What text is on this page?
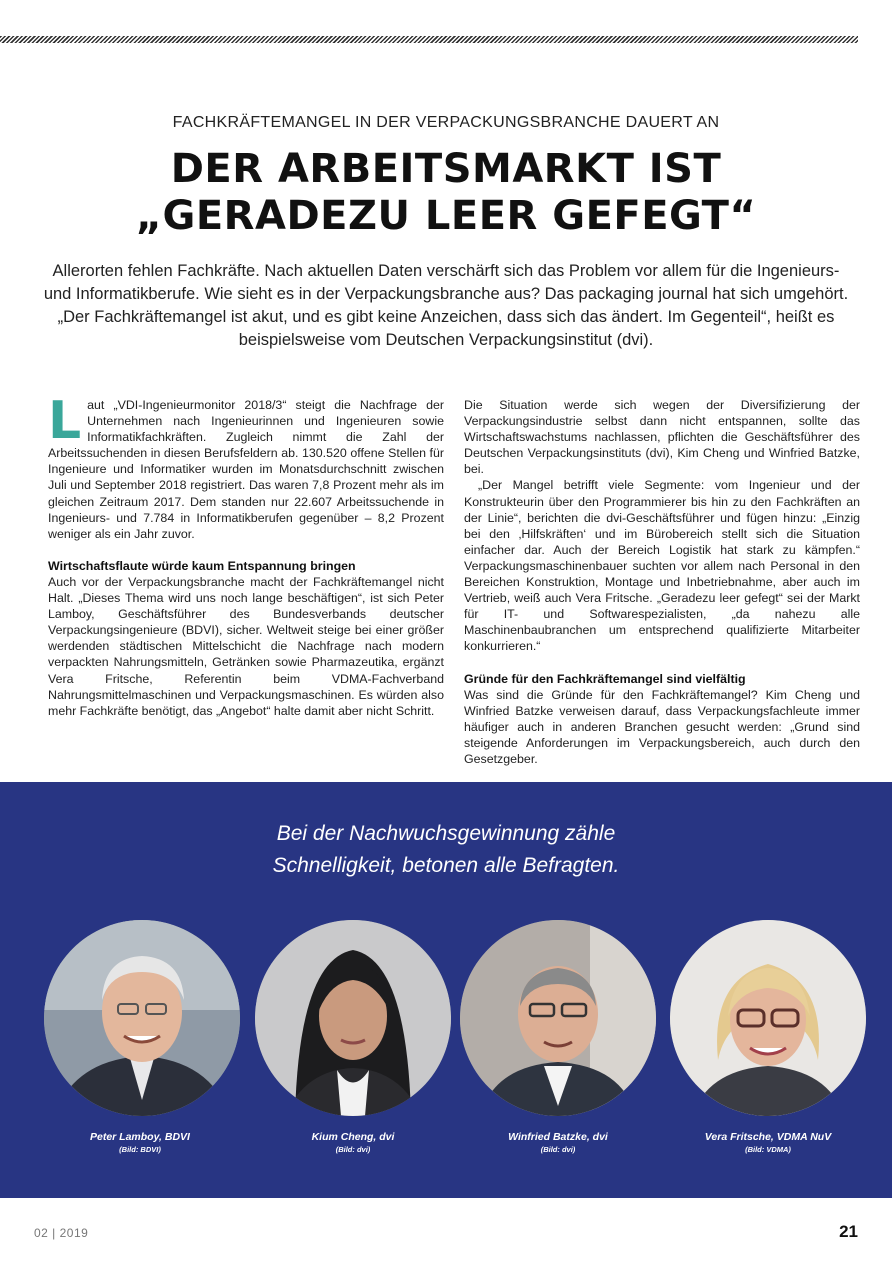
FACHKRÄFTEMANGEL IN DER VERPACKUNGSBRANCHE DAUERT AN
DER ARBEITSMARKT IST
„GERADEZU LEER GEFEGT“

Allerorten fehlen Fachkräfte. Nach aktuellen Daten verschärft sich das Problem vor allem für die Ingenieurs- und Informatikberufe. Wie sieht es in der Verpackungsbranche aus? Das packaging journal hat sich umgehört. „Der Fachkräftemangel ist akut, und es gibt keine Anzeichen, dass sich das ändert. Im Gegenteil“, heißt es beispielsweise vom Deutschen Verpackungsinstitut (dvi).

Laut „VDI-Ingenieurmonitor 2018/3“ steigt die Nachfrage der Unternehmen nach Ingenieurinnen und Ingenieuren sowie Informatikfachkräften. Zugleich nimmt die Zahl der Arbeitssuchenden in diesen Berufsfeldern ab. 130.520 offene Stellen für Ingenieure und Informatiker wurden im Monatsdurchschnitt zwischen Juli und September 2018 registriert. Das waren 7,8 Prozent mehr als im gleichen Zeitraum 2017. Dem standen nur 22.607 Arbeitssuchende in Ingenieurs- und 7.784 in Informatikberufen gegenüber – 8,2 Prozent weniger als ein Jahr zuvor.

Wirtschaftsflaute würde kaum Entspannung bringen

Auch vor der Verpackungsbranche macht der Fachkräftemangel nicht Halt. „Dieses Thema wird uns noch lange beschäftigen“, ist sich Peter Lamboy, Geschäftsführer des Bundesverbands deutscher Verpackungsingenieure (BDVI), sicher. Weltweit steige bei einer größer werdenden städtischen Mittelschicht die Nachfrage nach modern verpackten Nahrungsmitteln, Getränken sowie Pharmazeutika, ergänzt Vera Fritsche, Referentin beim VDMA-Fachverband Nahrungsmittelmaschinen und Verpackungsmaschinen. Es würden also mehr Fachkräfte benötigt, das „Angebot“ halte damit aber nicht Schritt.

Die Situation werde sich wegen der Diversifizierung der Verpackungsindustrie selbst dann nicht entspannen, sollte das Wirtschaftswachstums nachlassen, pflichten die Geschäftsführer des Deutschen Verpackungsinstituts (dvi), Kim Cheng und Winfried Batzke, bei.

„Der Mangel betrifft viele Segmente: vom Ingenieur und der Konstrukteurin über den Programmierer bis hin zu den Fachkräften an der Linie“, berichten die dvi-Geschäftsführer und fügen hinzu: „Einzig bei den ‚Hilfskräften‘ und im Bürobereich stellt sich die Situation einfacher dar. Auch der Bereich Logistik hat stark zu kämpfen.“ Verpackungsmaschinenbauer suchten vor allem nach Personal in den Bereichen Konstruktion, Montage und Inbetriebnahme, aber auch im Vertrieb, weiß auch Vera Fritsche. „Geradezu leer gefegt“ sei der Markt für IT- und Softwarespezialisten, „da nahezu alle Maschinenbaubranchen um entsprechend qualifizierte Mitarbeiter konkurrieren.“

Gründe für den Fachkräftemangel sind vielfältig

Was sind die Gründe für den Fachkräftemangel? Kim Cheng und Winfried Batzke verweisen darauf, dass Verpackungsfachleute immer häufiger auch in anderen Branchen gesucht werden: „Grund sind steigende Anforderungen im Verpackungsbereich, auch durch den Gesetzgeber.

Bei der Nachwuchsgewinnung zähle
Schnelligkeit, betonen alle Befragten.
Peter Lamboy, BDVI
(Bild: BDVI)
Kium Cheng, dvi
(Bild: dvi)
Winfried Batzke, dvi
(Bild: dvi)
Vera Fritsche, VDMA NuV
(Bild: VDMA)
02 | 2019	21
